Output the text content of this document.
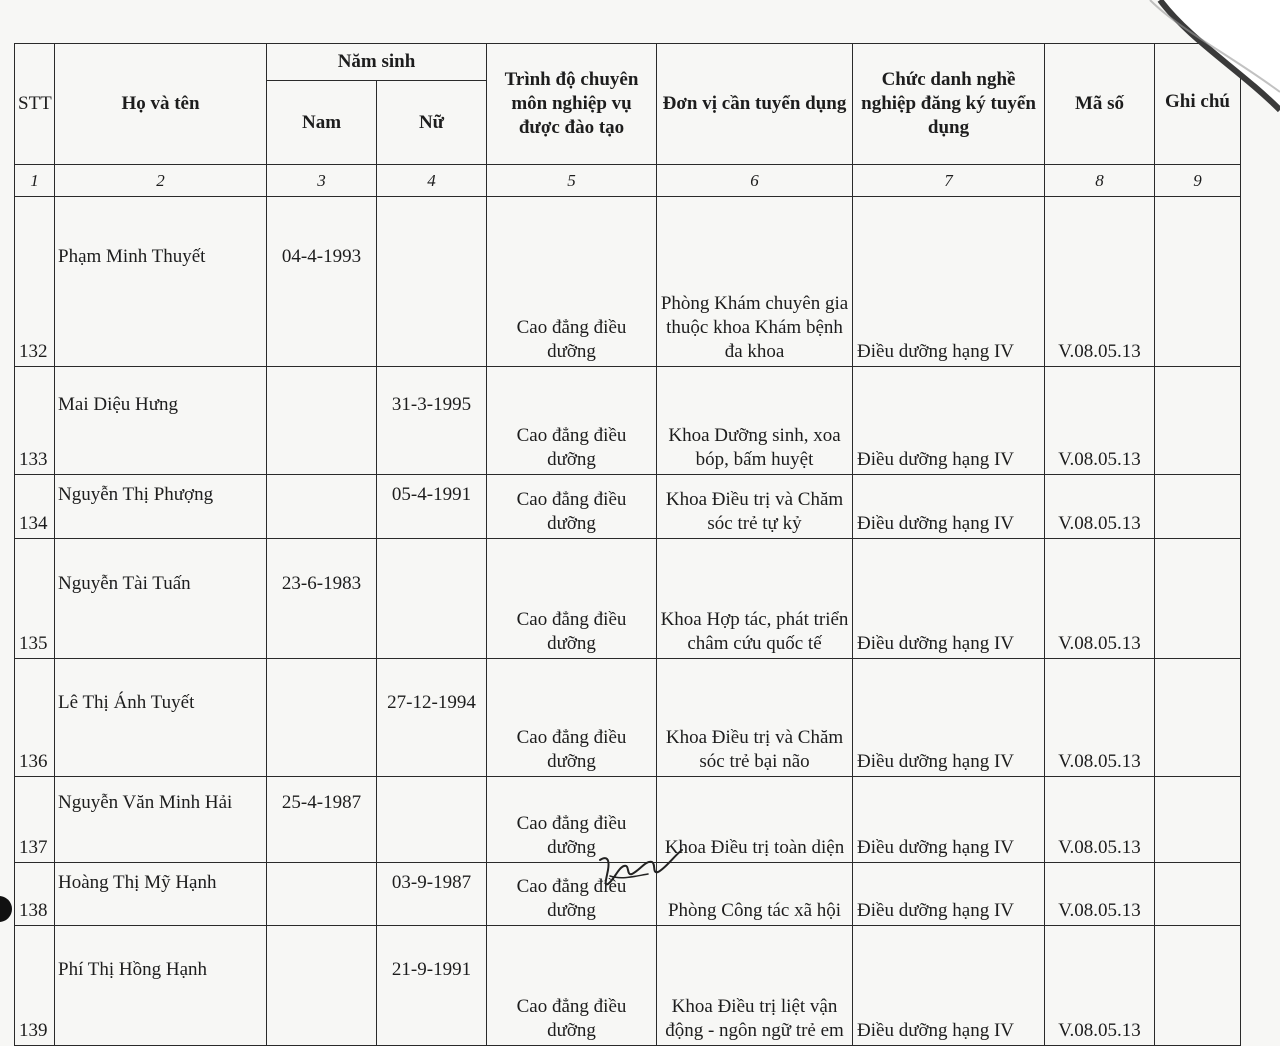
STT	Họ và tên	Năm sinh		Trình độ chuyên môn nghiệp vụ được đào tạo	Đơn vị cần tuyển dụng	Chức danh nghề nghiệp đăng ký tuyển dụng	Mã số	Ghi chú
		Nam	Nữ					
1	2	3	4	5	6	7	8	9
132	Phạm Minh Thuyết	04-4-1993		Cao đẳng điều dưỡng	Phòng Khám chuyên gia thuộc khoa Khám bệnh đa khoa	Điều dưỡng hạng IV	V.08.05.13	
133	Mai Diệu Hưng		31-3-1995	Cao đẳng điều dưỡng	Khoa Dưỡng sinh, xoa bóp, bấm huyệt	Điều dưỡng hạng IV	V.08.05.13	
134	Nguyễn Thị Phượng		05-4-1991	Cao đẳng điều dưỡng	Khoa Điều trị và Chăm sóc trẻ tự kỷ	Điều dưỡng hạng IV	V.08.05.13	
135	Nguyễn Tài Tuấn	23-6-1983		Cao đẳng điều dưỡng	Khoa Hợp tác, phát triển châm cứu quốc tế	Điều dưỡng hạng IV	V.08.05.13	
136	Lê Thị Ánh Tuyết		27-12-1994	Cao đẳng điều dưỡng	Khoa Điều trị và Chăm sóc trẻ bại não	Điều dưỡng hạng IV	V.08.05.13	
137	Nguyễn Văn Minh Hải	25-4-1987		Cao đẳng điều dưỡng	Khoa Điều trị toàn diện	Điều dưỡng hạng IV	V.08.05.13	
138	Hoàng Thị Mỹ Hạnh		03-9-1987	Cao đẳng điều dưỡng	Phòng Công tác xã hội	Điều dưỡng hạng IV	V.08.05.13	
139	Phí Thị Hồng Hạnh		21-9-1991	Cao đẳng điều dưỡng	Khoa Điều trị liệt vận động - ngôn ngữ trẻ em	Điều dưỡng hạng IV	V.08.05.13	
